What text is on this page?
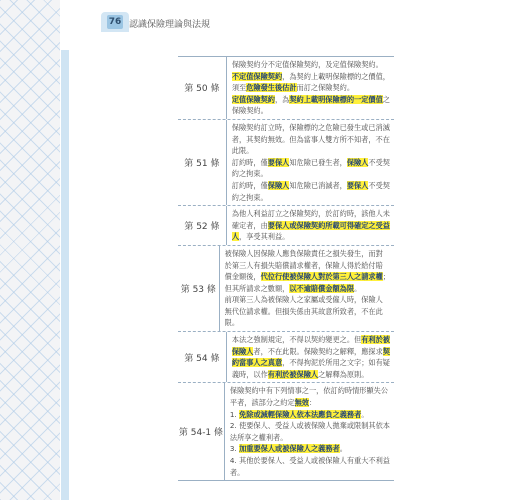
76 認識保險理論與法規
第 50 條
保險契約分不定值保險契約，及定值保險契約。
不定值保險契約，為契約上載明保險標的之價值，
須至危險發生後估計而訂之保險契約。
定值保險契約，為契約上載明保險標的一定價值之
保險契約。
第 51 條
保險契約訂立時，保險標的之危險已發生或已消滅
者，其契約無效。但為當事人雙方所不知者，不在
此限。
訂約時，僅要保人知危險已發生者，保險人不受契
約之拘束。
訂約時，僅保險人知危險已消滅者，要保人不受契
約之拘束。
第 52 條
為他人利益訂立之保險契約，於訂約時，該他人未
確定者，由要保人或保險契約所載可得確定之受益
人，享受其利益。
第 53 條
被保險人因保險人應負保險責任之損失發生，而對
於第三人有損失賠償請求權者，保險人得於給付賠
償金額後，代位行使被保險人對於第三人之請求權；
但其所請求之數額，以不逾賠償金額為限。
前項第三人為被保險人之家屬或受僱人時，保險人
無代位請求權。但損失係由其故意所致者，不在此
限。
第 54 條
本法之強制規定，不得以契約變更之。但有利於被
保險人者，不在此限。保險契約之解釋，應探求契
約當事人之真意，不得拘泥於所用之文字；如有疑
義時，以作有利於被保險人之解釋為原則。
第 54-1 條
保險契約中有下列情事之一，依訂約時情形顯失公
平者，該部分之約定無效：
1. 免除或減輕保險人依本法應負之義務者。
2. 使要保人、受益人或被保險人拋棄或限制其依本
法所享之權利者。
3. 加重要保人或被保險人之義務者。
4. 其他於要保人、受益人或被保險人有重大不利益
者。
